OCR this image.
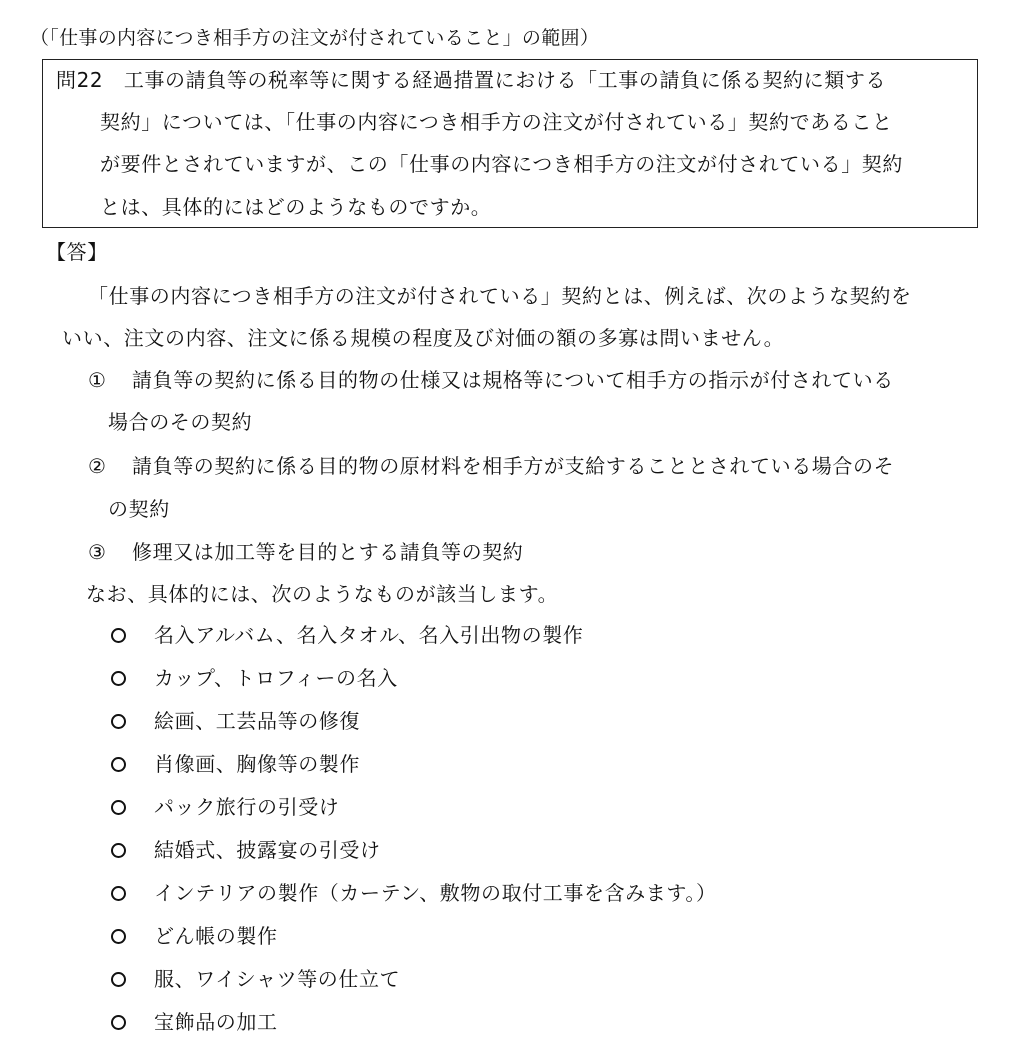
（「仕事の内容につき相手方の注文が付されていること」の範囲）
問22　工事の請負等の税率等に関する経過措置における「工事の請負に係る契約に類する
契約」については、「仕事の内容につき相手方の注文が付されている」契約であること
が要件とされていますが、この「仕事の内容につき相手方の注文が付されている」契約
とは、具体的にはどのようなものですか。
【答】
「仕事の内容につき相手方の注文が付されている」契約とは、例えば、次のような契約を
いい、注文の内容、注文に係る規模の程度及び対価の額の多寡は問いません。
① 請負等の契約に係る目的物の仕様又は規格等について相手方の指示が付されている
場合のその契約
② 請負等の契約に係る目的物の原材料を相手方が支給することとされている場合のそ
の契約
③ 修理又は加工等を目的とする請負等の契約
なお、具体的には、次のようなものが該当します。
名入アルバム、名入タオル、名入引出物の製作
カップ、トロフィーの名入
絵画、工芸品等の修復
肖像画、胸像等の製作
パック旅行の引受け
結婚式、披露宴の引受け
インテリアの製作（カーテン、敷物の取付工事を含みます。）
どん帳の製作
服、ワイシャツ等の仕立て
宝飾品の加工
